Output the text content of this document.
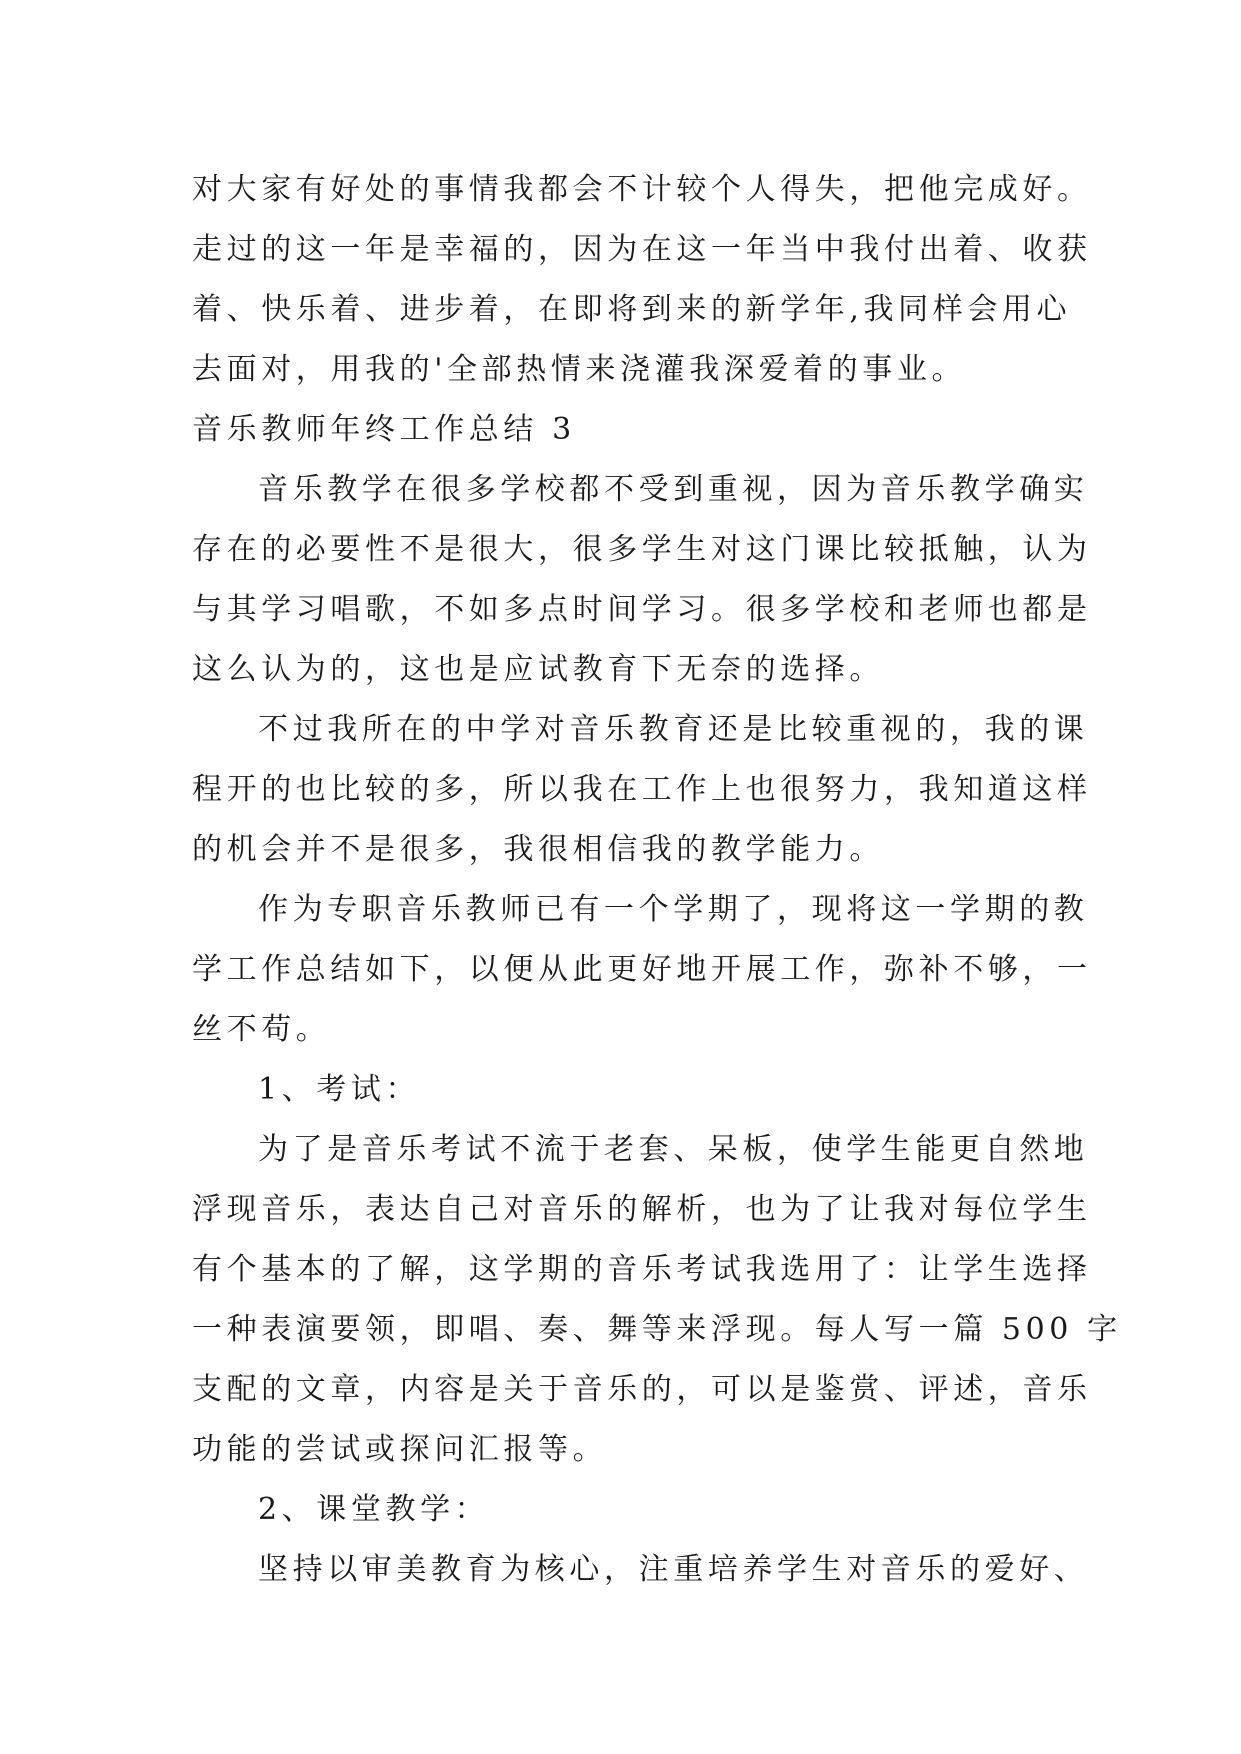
对大家有好处的事情我都会不计较个人得失，把他完成好。
走过的这一年是幸福的，因为在这一年当中我付出着、收获
着、快乐着、进步着，在即将到来的新学年,我同样会用心
去面对，用我的'全部热情来浇灌我深爱着的事业。
音乐教师年终工作总结 3
音乐教学在很多学校都不受到重视，因为音乐教学确实
存在的必要性不是很大，很多学生对这门课比较抵触，认为
与其学习唱歌，不如多点时间学习。很多学校和老师也都是
这么认为的，这也是应试教育下无奈的选择。
不过我所在的中学对音乐教育还是比较重视的，我的课
程开的也比较的多，所以我在工作上也很努力，我知道这样
的机会并不是很多，我很相信我的教学能力。
作为专职音乐教师已有一个学期了，现将这一学期的教
学工作总结如下，以便从此更好地开展工作，弥补不够，一
丝不苟。
1、考试：
为了是音乐考试不流于老套、呆板，使学生能更自然地
浮现音乐，表达自己对音乐的解析，也为了让我对每位学生
有个基本的了解，这学期的音乐考试我选用了：让学生选择
一种表演要领，即唱、奏、舞等来浮现。每人写一篇 500 字
支配的文章，内容是关于音乐的，可以是鉴赏、评述，音乐
功能的尝试或探问汇报等。
2、课堂教学：
坚持以审美教育为核心，注重培养学生对音乐的爱好、
